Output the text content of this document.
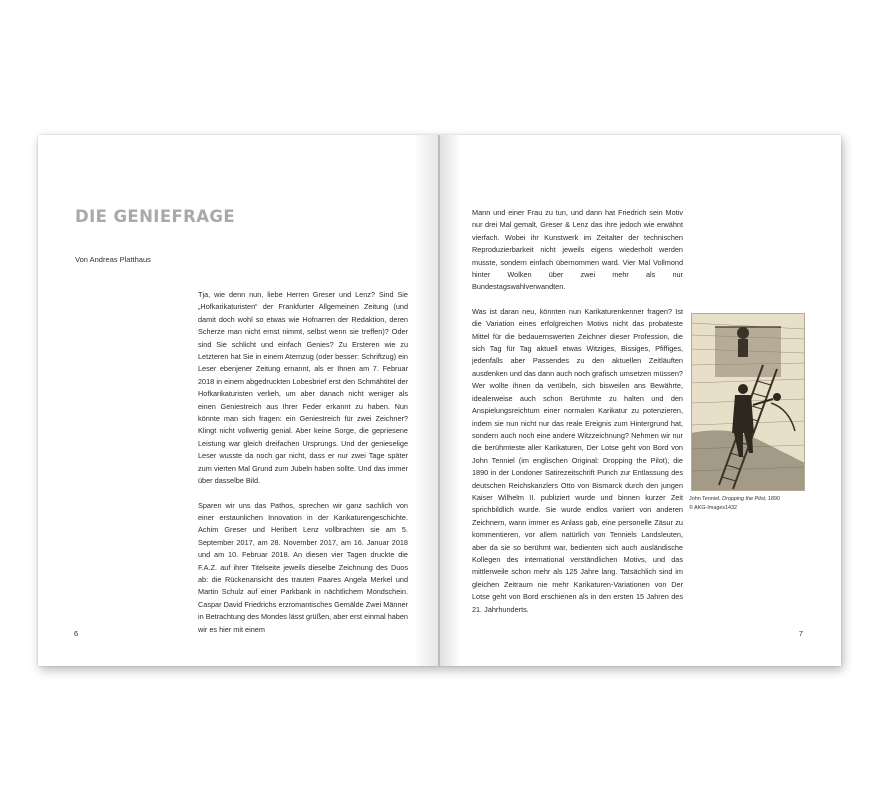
DIE GENIEFRAGE

Von Andreas Platthaus

Tja, wie denn nun, liebe Herren Greser und Lenz? Sind Sie „Hofkarikaturisten“ der Frankfurter Allgemeinen Zeitung (und damit doch wohl so etwas wie Hofnarren der Redaktion, deren Scherze man nicht ernst nimmt, selbst wenn sie treffen)? Oder sind Sie schlicht und einfach Genies? Zu Ersteren wie zu Letzteren hat Sie in einem Atemzug (oder besser: Schriftzug) ein Leser ebenjener Zeitung ernannt, als er Ihnen am 7. Februar 2018 in einem abgedruckten Lobesbrief erst den Schmähtitel der Hofkarikaturisten verlieh, um aber danach nicht weniger als einen Geniestreich aus Ihrer Feder erkannt zu haben. Nun könnte man sich fragen: ein Geniestreich für zwei Zeichner? Klingt nicht vollwertig genial. Aber keine Sorge, die gepriesene Leistung war gleich dreifachen Ursprungs. Und der genieselige Leser wusste da noch gar nicht, dass er nur zwei Tage später zum vierten Mal Grund zum Jubeln haben sollte. Und das immer über dasselbe Bild.

Sparen wir uns das Pathos, sprechen wir ganz sachlich von einer erstaunlichen Innovation in der Karikaturengeschichte. Achim Greser und Heribert Lenz vollbrachten sie am 5. September 2017, am 28. November 2017, am 16. Januar 2018 und am 10. Februar 2018. An diesen vier Tagen druckte die F.A.Z. auf ihrer Titelseite jeweils dieselbe Zeichnung des Duos ab: die Rückenansicht des trauten Paares Angela Merkel und Martin Schulz auf einer Parkbank in nächtlichem Mondschein. Caspar David Friedrichs erzromantisches Gemälde Zwei Männer in Betrachtung des Mondes lässt grüßen, aber erst einmal haben wir es hier mit einem

6

Mann und einer Frau zu tun, und dann hat Friedrich sein Motiv nur drei Mal gemalt, Greser & Lenz das ihre jedoch wie erwähnt vierfach. Wobei ihr Kunstwerk im Zeitalter der technischen Reproduzierbarkeit nicht jeweils eigens wiederholt werden musste, sondern einfach übernommen ward. Vier Mal Vollmond hinter Wolken über zwei mehr als nur Bundestagswahlverwandten.

Was ist daran neu, könnten nun Karikaturenkenner fragen? Ist die Variation eines erfolgreichen Motivs nicht das probateste Mittel für die bedauernswerten Zeichner dieser Profession, die sich Tag für Tag aktuell etwas Witziges, Bissiges, Pfiffiges, jedenfalls aber Passendes zu den aktuellen Zeitläuften ausdenken und das dann auch noch grafisch umsetzen müssen? Wer wollte ihnen da verübeln, sich bisweilen ans Bewährte, idealerweise auch schon Berühmte zu halten und den Anspielungsreichtum einer normalen Karikatur zu potenzieren, indem sie nun nicht nur das reale Ereignis zum Hintergrund hat, sondern auch noch eine andere Witzzeichnung? Nehmen wir nur die berühmteste aller Karikaturen, Der Lotse geht von Bord von John Tenniel (im englischen Original: Dropping the Pilot), die 1890 in der Londoner Satirezeitschrift Punch zur Entlassung des deutschen Reichskanzlers Otto von Bismarck durch den jungen Kaiser Wilhelm II. publiziert wurde und binnen kurzer Zeit sprichbildlich wurde. Sie wurde endlos variiert von anderen Zeichnern, wann immer es Anlass gab, eine personelle Zäsur zu kommentieren, vor allem natürlich von Tenniels Landsleuten, aber da sie so berühmt war, bedienten sich auch ausländische Kollegen des international verständlichen Motivs, und das mittlerweile schon mehr als 125 Jahre lang. Tatsächlich sind im gleichen Zeitraum nie mehr Karikaturen-Variationen von Der Lotse geht von Bord erschienen als in den ersten 15 Jahren des 21. Jahrhunderts.

John Tenniel, Dropping the Pilot, 1890
© AKG-Images1432
7
